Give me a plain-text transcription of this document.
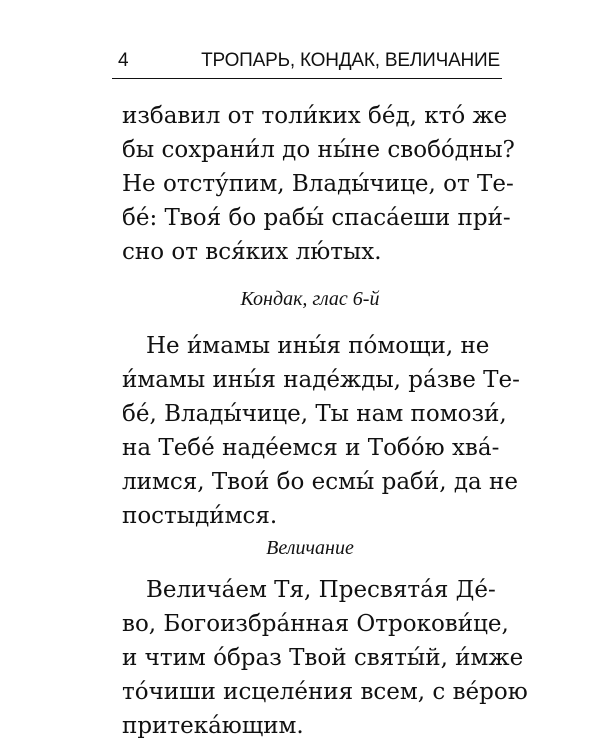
4	ТРОПАРЬ, КОНДАК, ВЕЛИЧАНИЕ

избавил от толи́ких бе́д, кто́ же

бы сохрани́л до ны́не свобо́дны?

Не отсту́пим, Влады́чице, от Те-

бе́: Твоя́ бо рабы́ спаса́еши при́-

сно от вся́ких лю́тых.

Кондак, глас 6-й

Не и́мамы ины́я по́мощи, не

и́мамы ины́я наде́жды, ра́зве Те-

бе́, Влады́чице, Ты нам помози́,

на Тебе́ наде́емся и Тобо́ю хва́-

лимся, Твои́ бо есмы́ раби́, да не

постыди́мся.

Величание

Велича́ем Тя, Пресвята́я Де́-

во, Богоизбра́нная Отрокови́це,

и чтим о́браз Твой святы́й, и́мже

то́чиши исцеле́ния всем, с ве́рою

притека́ющим.
